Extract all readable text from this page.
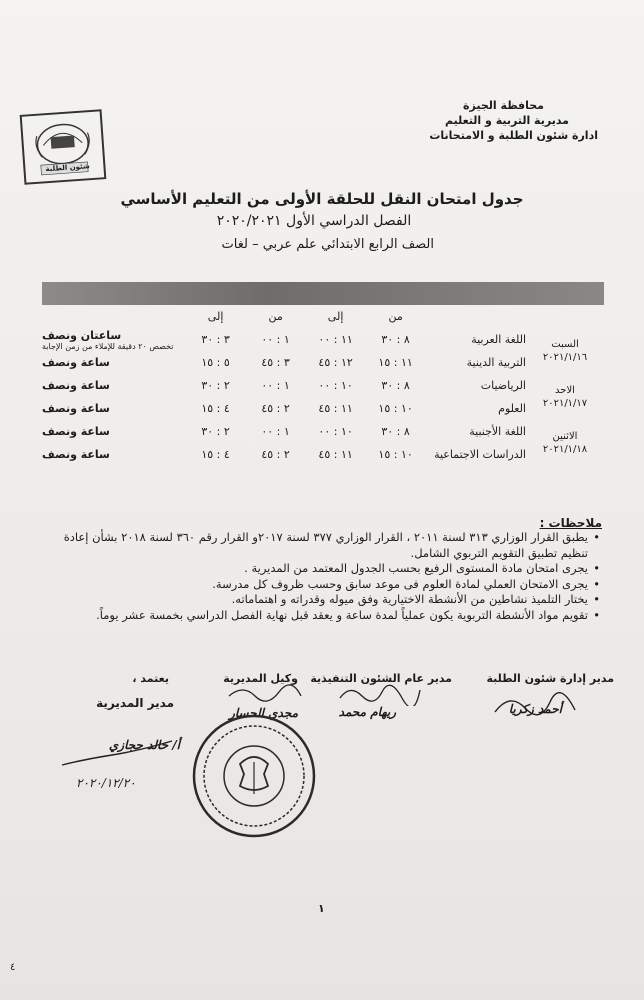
محافظة الجيزة
مديرية التربية و التعليم
ادارة شئون الطلبة و الامتحانات
شئون الطلبة
جدول امتحان النقل للحلقة الأولى من التعليم الأساسي
الفصل الدراسي الأول ٢٠٢٠/٢٠٢١
الصف الرابع الابتدائي علم عربي – لغات

		من	إلى	من	إلى	
السبت
٢٠٢١/١/١٦	اللغة العربية	٨ : ٣٠	١١ : ٠٠	١ : ٠٠	٣ : ٣٠	ساعتان ونصف
تخصص ٢٠ دقيقة للإملاء من زمن الإجابة

	التربية الدينية	١١ : ١٥	١٢ : ٤٥	٣ : ٤٥	٥ : ١٥	ساعة ونصف
الاحد
٢٠٢١/١/١٧	الرياضيات	٨ : ٣٠	١٠ : ٠٠	١ : ٠٠	٢ : ٣٠	ساعة ونصف
	العلوم	١٠ : ١٥	١١ : ٤٥	٢ : ٤٥	٤ : ١٥	ساعة ونصف
الاثنين
٢٠٢١/١/١٨	اللغة الأجنبية	٨ : ٣٠	١٠ : ٠٠	١ : ٠٠	٢ : ٣٠	ساعة ونصف
	الدراسات الاجتماعية	١٠ : ١٥	١١ : ٤٥	٢ : ٤٥	٤ : ١٥	ساعة ونصف
ملاحظات :
• يطبق القرار الوزاري ٣١٣ لسنة ٢٠١١ ، القرار الوزاري ٣٧٧ لسنة ٢٠١٧و القرار رقم ٣٦٠ لسنة ٢٠١٨ بشأن إعادة تنظيم تطبيق التقويم التربوي الشامل.
• يجرى امتحان مادة المستوى الرفيع بحسب الجدول المعتمد من المديرية .
• يجرى الامتحان العملي لمادة العلوم فى موعد سابق وحسب ظروف كل مدرسة.
• يختار التلميذ نشاطين من الأنشطة الاختيارية وفق ميوله وقدراته و اهتماماته.
• تقويم مواد الأنشطة التربوية يكون عملياً لمدة ساعة و يعقد قبل نهاية الفصل الدراسي بخمسة عشر يوماً.
مدير إدارة شئون الطلبة
أحمد زكريا
مدير عام الشئون التنفيذية
ريهام محمد
وكيل المديرية
مجدي الحسار
يعتمد ،
مدير المديرية
أ/ خالد حجازي
٢٠٢٠/١٢/٢٠
١
٤
